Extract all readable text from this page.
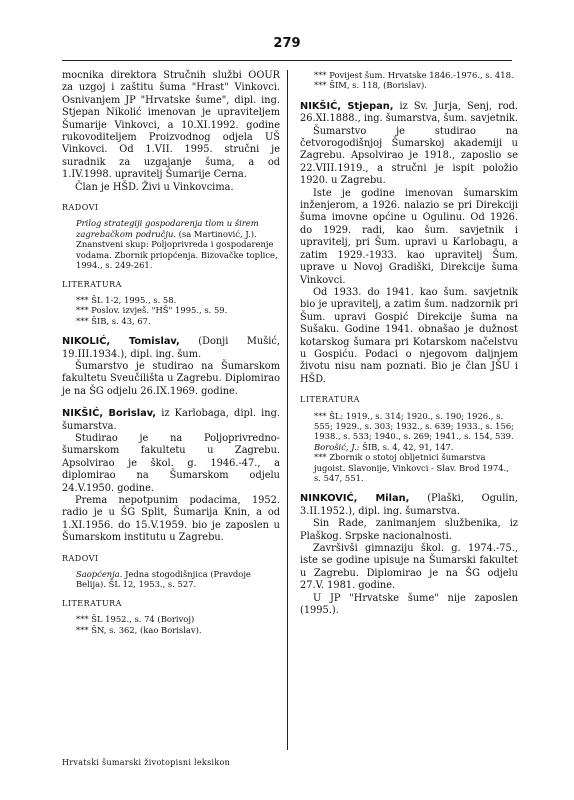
279

mocnika direktora Stručnih službi OOUR za uzgoj i zaštitu šuma "Hrast" Vinkovci. Osnivanjem JP "Hrvatske šume", dipl. ing. Stjepan Nikolić imenovan je upraviteljem Šumarije Vinkovci, a 10.XI.1992. godine rukovoditeljem Proizvodnog odjela UŠ Vinkovci. Od 1.VII. 1995. stručni je suradnik za uzgajanje šuma, a od 1.IV.1998. upravitelj Šumarije Cerna.

Član je HŠD. Živi u Vinkovcima.

RADOVI

Prilog strategiji gospodarenja tlom u širem zagrebačkom području. (sa Martinović, J.). Znanstveni skup: Poljoprivreda i gospodarenje vodama. Zbornik priopćenja. Bizovačke toplice, 1994., s. 249-261.

LITERATURA

*** ŠL 1-2, 1995., s. 58.

*** Poslov. izvješ. "HŠ" 1995., s. 59.

*** ŠIB, s. 43, 67.

NIKOLIĆ, Tomislav, (Donji Mušić, 19.III.1934.), dipl. ing. šum.

Šumarstvo je studirao na Šumarskom fakultetu Sveučilišta u Zagrebu. Diplomirao je na ŠG odjelu 26.IX.1969. godine.

NIKŠIĆ, Borislav, iz Karlobaga, dipl. ing. šumarstva.

Studirao je na Poljoprivredno-šumarskom fakultetu u Zagrebu. Apsolvirao je škol. g. 1946.-47., a diplomirao na Šumarskom odjelu 24.V.1950. godine.

Prema nepotpunim podacima, 1952. radio je u ŠG Split, Šumarija Knin, a od 1.XI.1956. do 15.V.1959. bio je zaposlen u Šumarskom institutu u Zagrebu.

RADOVI

Saopćenja. Jedna stogodišnjica (Pravdoje Belija). ŠL 12, 1953., s. 527.

LITERATURA

*** ŠL 1952., s. 74 (Borivoj)

*** ŠN, s. 362, (kao Borislav).

*** Povijest šum. Hrvatske 1846.-1976., s. 418.

*** ŠIM, s. 118, (Borislav).

NIKŠIĆ, Stjepan, iz Sv. Jurja, Senj, rod. 26.XI.1888., ing. šumarstva, šum. savjetnik.

Šumarstvo je studirao na četvorogodišnjoj Šumarskoj akademiji u Zagrebu. Apsolvirao je 1918., zaposlio se 22.VIII.1919., a stručni je ispit položio 1920. u Zagrebu.

Iste je godine imenovan šumarskim inženjerom, a 1926. nalazio se pri Direkciji šuma imovne općine u Ogulinu. Od 1926. do 1929. radi, kao šum. savjetnik i upravitelj, pri Šum. upravi u Karlobagu, a zatim 1929.-1933. kao upravitelj Šum. uprave u Novoj Gradiški, Direkcije šuma Vinkovci.

Od 1933. do 1941. kao šum. savjetnik bio je upravitelj, a zatim šum. nadzornik pri Šum. upravi Gospić Direkcije šuma na Sušaku. Godine 1941. obnašao je dužnost kotarskog šumara pri Kotarskom načelstvu u Gospiću. Podaci o njegovom daljnjem životu nisu nam poznati. Bio je član JŠU i HŠD.

LITERATURA

*** ŠL: 1919., s. 314; 1920., s. 190; 1926., s. 555; 1929., s. 303; 1932., s. 639; 1933., s. 156; 1938., s. 533; 1940., s. 269; 1941., s. 154, 539.

Borošić, J.: ŠIB, s. 4, 42, 91, 147.

*** Zbornik o stotoj obljetnici šumarstva jugoist. Slavonije, Vinkovci - Slav. Brod 1974., s. 547, 551.

NINKOVIĆ, Milan, (Plaški, Ogulin, 3.II.1952.), dipl. ing. šumarstva.

Sin Rade, zanimanjem službenika, iz Plaškog. Srpske nacionalnosti.

Završivši gimnaziju škol. g. 1974.-75., iste se godine upisuje na Šumarski fakultet u Zagrebu. Diplomirao je na ŠG odjelu 27.V. 1981. godine.

U JP "Hrvatske šume" nije zaposlen (1995.).

Hrvatski šumarski životopisni leksikon
